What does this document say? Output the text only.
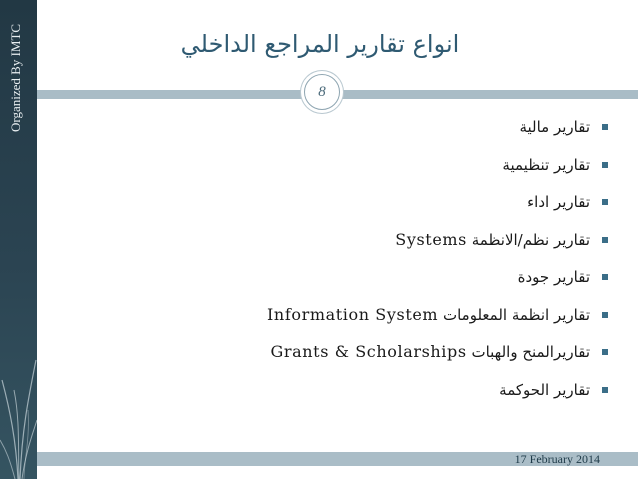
Organized By IMTC	انواع تقارير المراجع الداخلي
8
تقارير مالية
تقارير تنظيمية
تقارير اداء
تقارير نظم/الانظمة Systems
تقارير جودة
تقارير انظمة المعلومات Information System
تقاريرالمنح والهبات Grants & Scholarships
تقارير الحوكمة
17 February 2014
